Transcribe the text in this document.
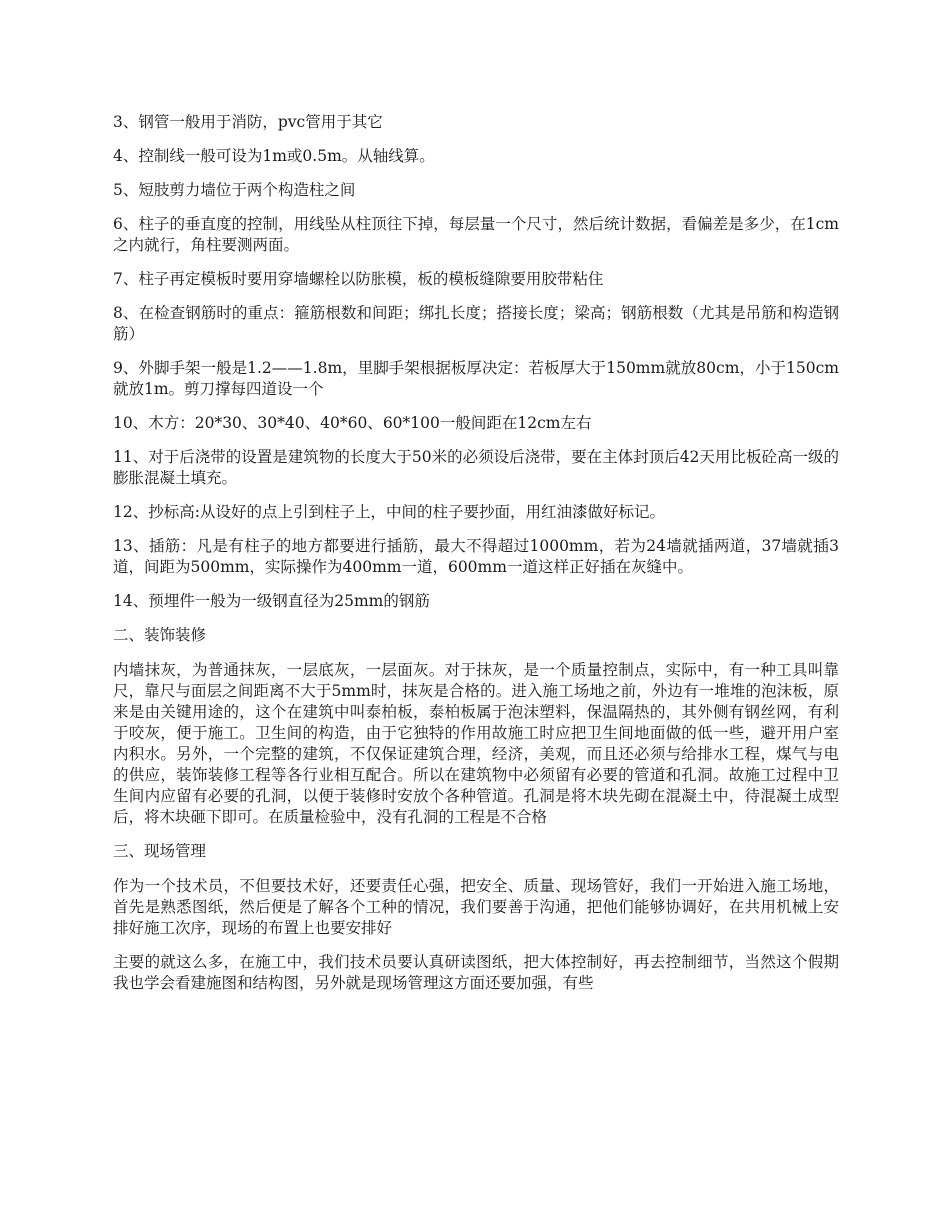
3、钢管一般用于消防，pvc管用于其它

4、控制线一般可设为1m或0.5m。从轴线算。

5、短肢剪力墙位于两个构造柱之间

6、柱子的垂直度的控制，用线坠从柱顶往下掉，每层量一个尺寸，然后统计数据，看偏差是多少，在1cm之内就行，角柱要测两面。

7、柱子再定模板时要用穿墙螺栓以防胀模，板的模板缝隙要用胶带粘住

8、在检查钢筋时的重点：箍筋根数和间距；绑扎长度；搭接长度；梁高；钢筋根数（尤其是吊筋和构造钢筋）

9、外脚手架一般是1.2——1.8m，里脚手架根据板厚决定：若板厚大于150mm就放80cm，小于150cm就放1m。剪刀撑每四道设一个

10、木方：20*30、30*40、40*60、60*100一般间距在12cm左右

11、对于后浇带的设置是建筑物的长度大于50米的必须设后浇带，要在主体封顶后42天用比板砼高一级的膨胀混凝土填充。

12、抄标高:从设好的点上引到柱子上，中间的柱子要抄面，用红油漆做好标记。

13、插筋：凡是有柱子的地方都要进行插筋，最大不得超过1000mm，若为24墙就插两道，37墙就插3道，间距为500mm，实际操作为400mm一道，600mm一道这样正好插在灰缝中。

14、预埋件一般为一级钢直径为25mm的钢筋

二、装饰装修

内墙抹灰，为普通抹灰，一层底灰，一层面灰。对于抹灰，是一个质量控制点，实际中，有一种工具叫靠尺，靠尺与面层之间距离不大于5mm时，抹灰是合格的。进入施工场地之前，外边有一堆堆的泡沫板，原来是由关键用途的，这个在建筑中叫泰柏板，泰柏板属于泡沫塑料，保温隔热的，其外侧有钢丝网，有利于咬灰，便于施工。卫生间的构造，由于它独特的作用故施工时应把卫生间地面做的低一些，避开用户室内积水。另外，一个完整的建筑，不仅保证建筑合理，经济，美观，而且还必须与给排水工程，煤气与电的供应，装饰装修工程等各行业相互配合。所以在建筑物中必须留有必要的管道和孔洞。故施工过程中卫生间内应留有必要的孔洞，以便于装修时安放个各种管道。孔洞是将木块先砌在混凝土中，待混凝土成型后，将木块砸下即可。在质量检验中，没有孔洞的工程是不合格

三、现场管理

作为一个技术员，不但要技术好，还要责任心强，把安全、质量、现场管好，我们一开始进入施工场地，首先是熟悉图纸，然后便是了解各个工种的情况，我们要善于沟通，把他们能够协调好，在共用机械上安排好施工次序，现场的布置上也要安排好

主要的就这么多，在施工中，我们技术员要认真研读图纸，把大体控制好，再去控制细节，当然这个假期我也学会看建施图和结构图，另外就是现场管理这方面还要加强，有些
